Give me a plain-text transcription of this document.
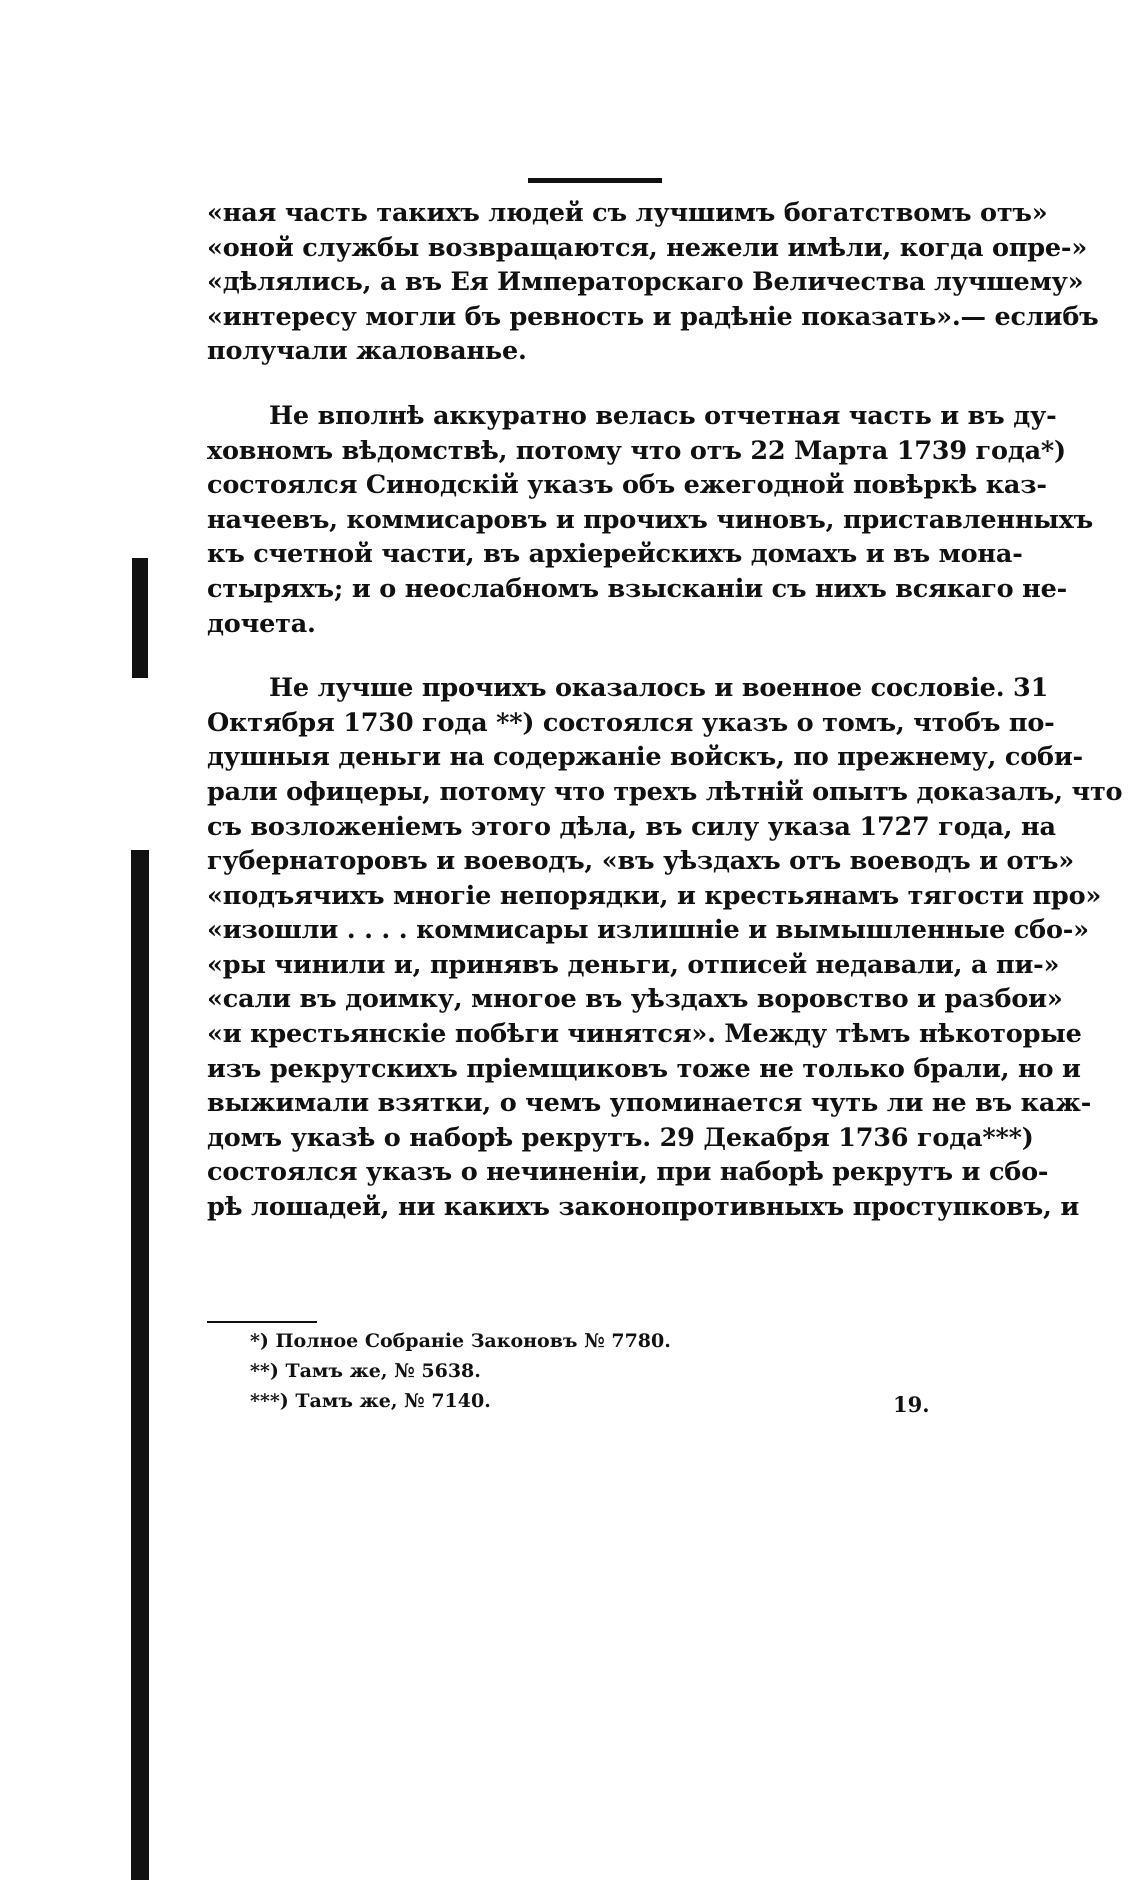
«ная часть такихъ людей съ лучшимъ богатствомъ отъ»
«оной службы возвращаются, нежели имѣли, когда опре-»
«дѣлялись, а въ Ея Императорскаго Величества лучшему»
«интересу могли бъ ревность и радѣніе показать».— еслибъ
получали жалованье.
Не вполнѣ аккуратно велась отчетная часть и въ ду-
ховномъ вѣдомствѣ, потому что отъ 22 Марта 1739 года*)
состоялся Синодскій указъ объ ежегодной повѣркѣ каз-
начеевъ, коммисаровъ и прочихъ чиновъ, приставленныхъ
къ счетной части, въ архіерейскихъ домахъ и въ мона-
стыряхъ; и о неослабномъ взысканіи съ нихъ всякаго не-
дочета.
Не лучше прочихъ оказалось и военное сословіе. 31
Октября 1730 года **) состоялся указъ о томъ, чтобъ по-
душныя деньги на содержаніе войскъ, по прежнему, соби-
рали офицеры, потому что трехъ лѣтній опытъ доказалъ, что
съ возложеніемъ этого дѣла, въ силу указа 1727 года, на
губернаторовъ и воеводъ, «въ уѣздахъ отъ воеводъ и отъ»
«подъячихъ многіе непорядки, и крестьянамъ тягости про»
«изошли . . . . коммисары излишніе и вымышленные сбо-»
«ры чинили и, принявъ деньги, отписей недавали, а пи-»
«сали въ доимку, многое въ уѣздахъ воровство и разбои»
«и крестьянскіе побѣги чинятся». Между тѣмъ нѣкоторые
изъ рекрутскихъ пріемщиковъ тоже не только брали, но и
выжимали взятки, о чемъ упоминается чуть ли не въ каж-
домъ указѣ о наборѣ рекрутъ. 29 Декабря 1736 года***)
состоялся указъ о нечиненіи, при наборѣ рекрутъ и сбо-
рѣ лошадей, ни какихъ законопротивныхъ проступковъ, и
*) Полное Собраніе Законовъ № 7780.
**) Тамъ же, № 5638.
***) Тамъ же, № 7140.	19.
